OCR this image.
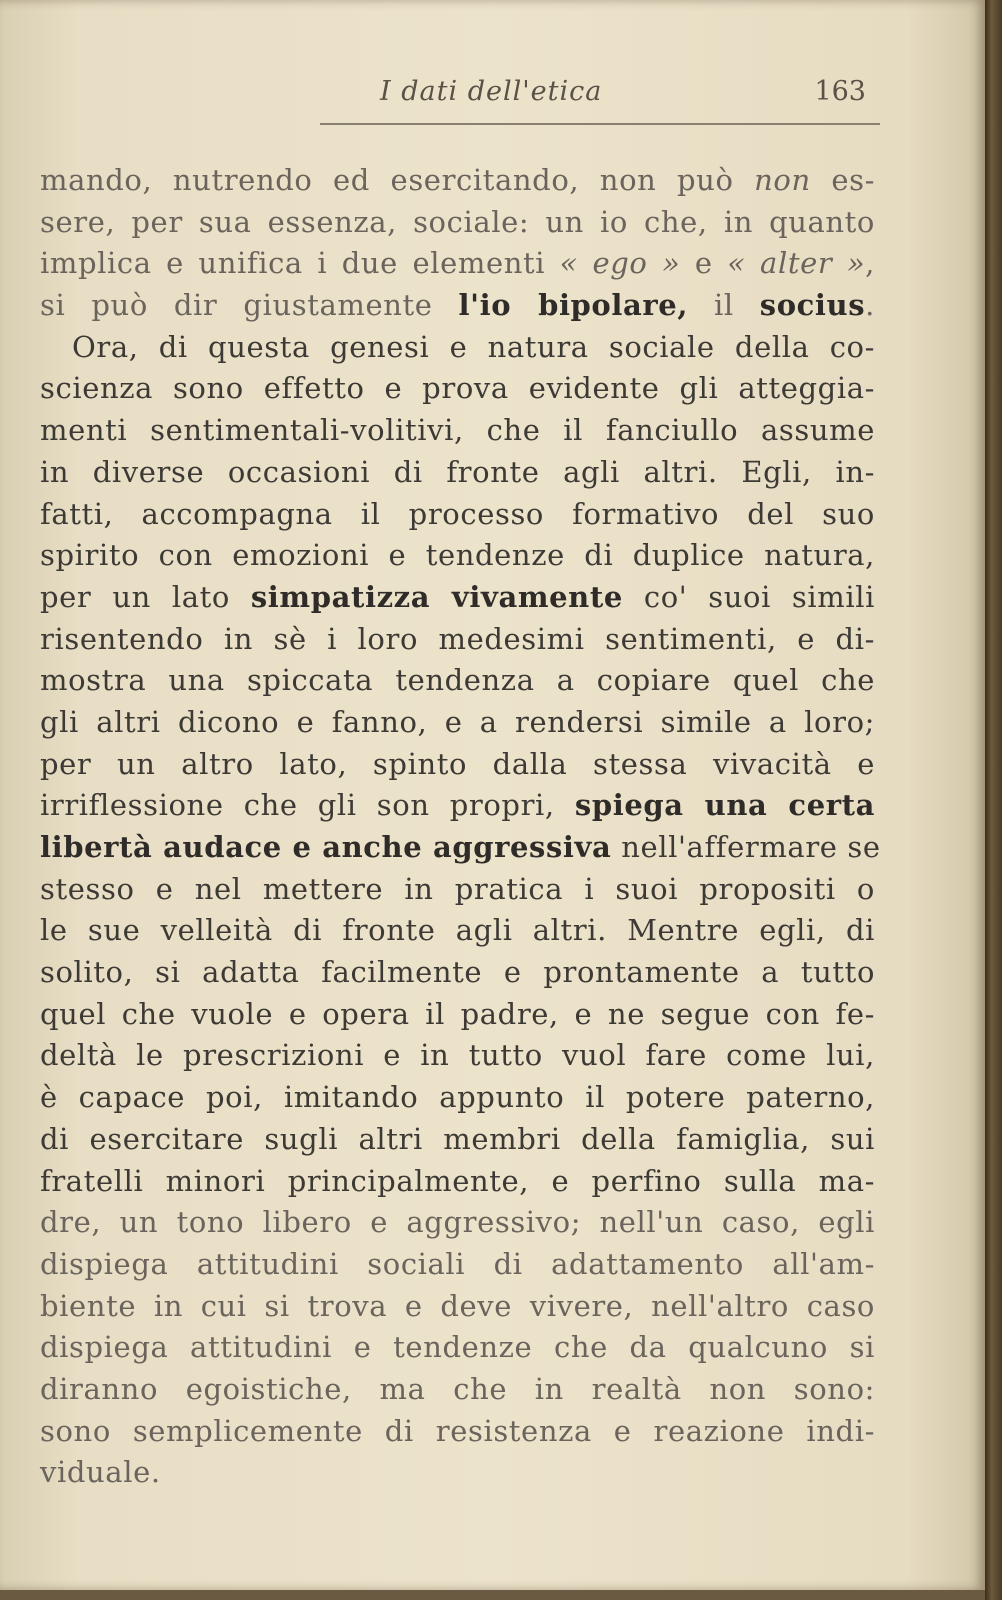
I dati dell'etica	163
mando, nutrendo ed esercitando, non può non es-
sere, per sua essenza, sociale: un io che, in quanto
implica e unifica i due elementi « ego » e « alter »,
si può dir giustamente l'io bipolare, il socius.
Ora, di questa genesi e natura sociale della co-
scienza sono effetto e prova evidente gli atteggia-
menti sentimentali-volitivi, che il fanciullo assume
in diverse occasioni di fronte agli altri. Egli, in-
fatti, accompagna il processo formativo del suo
spirito con emozioni e tendenze di duplice natura,
per un lato simpatizza vivamente co' suoi simili
risentendo in sè i loro medesimi sentimenti, e di-
mostra una spiccata tendenza a copiare quel che
gli altri dicono e fanno, e a rendersi simile a loro;
per un altro lato, spinto dalla stessa vivacità e
irriflessione che gli son propri, spiega una certa
libertà audace e anche aggressiva nell'affermare se
stesso e nel mettere in pratica i suoi propositi o
le sue velleità di fronte agli altri. Mentre egli, di
solito, si adatta facilmente e prontamente a tutto
quel che vuole e opera il padre, e ne segue con fe-
deltà le prescrizioni e in tutto vuol fare come lui,
è capace poi, imitando appunto il potere paterno,
di esercitare sugli altri membri della famiglia, sui
fratelli minori principalmente, e perfino sulla ma-
dre, un tono libero e aggressivo; nell'un caso, egli
dispiega attitudini sociali di adattamento all'am-
biente in cui si trova e deve vivere, nell'altro caso
dispiega attitudini e tendenze che da qualcuno si
diranno egoistiche, ma che in realtà non sono:
sono semplicemente di resistenza e reazione indi-
viduale.
